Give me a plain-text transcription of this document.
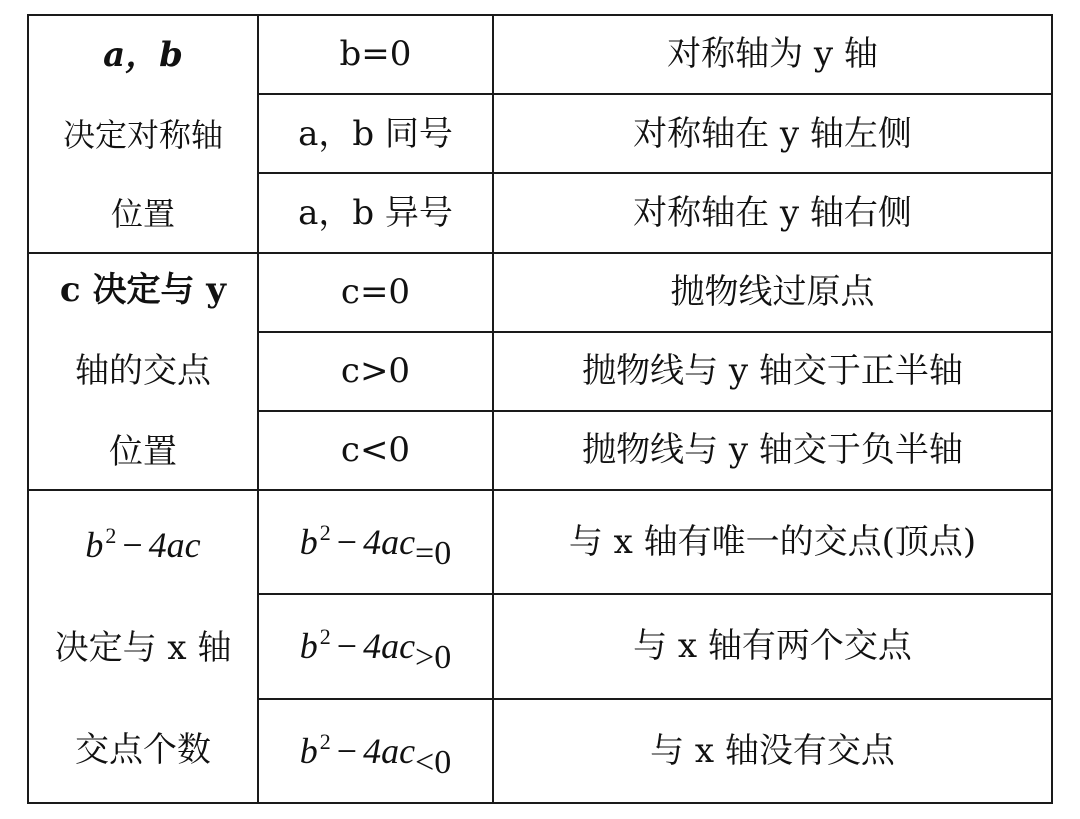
a，b
决定对称轴
位置	b=0	对称轴为 y 轴
	a，b 同号	对称轴在 y 轴左侧
	a，b 异号	对称轴在 y 轴右侧

c 决定与 y
轴的交点
位置	c=0	抛物线过原点
	c>0	抛物线与 y 轴交于正半轴
	c<0	抛物线与 y 轴交于负半轴

$b^2 - 4ac$
决定与 x 轴
交点个数	$b^2 - 4ac=0$	与 x 轴有唯一的交点(顶点)
	$b^2 - 4ac>0$	与 x 轴有两个交点
	$b^2 - 4ac<0$	与 x 轴没有交点
